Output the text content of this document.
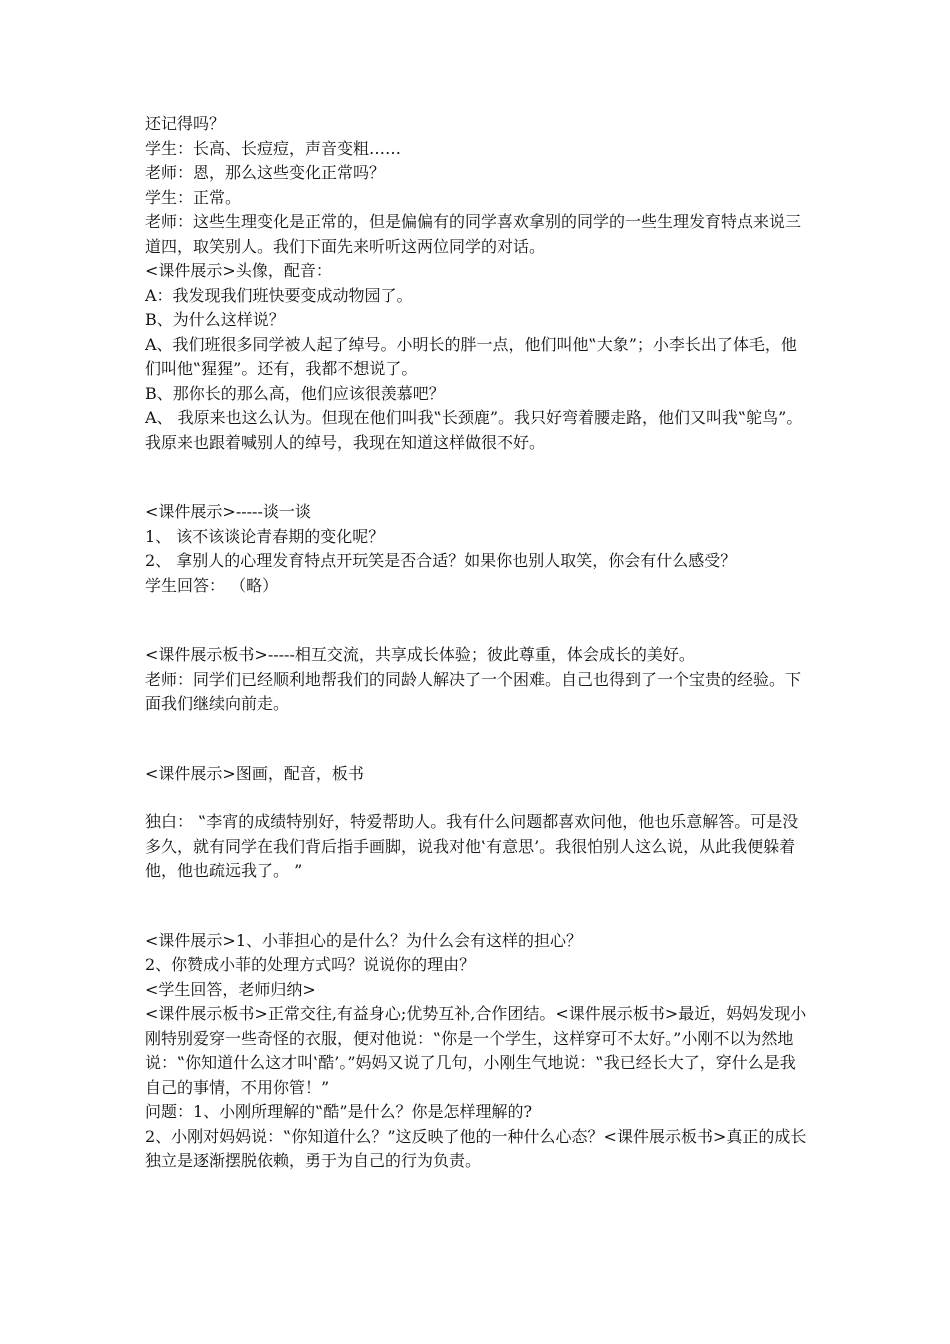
还记得吗？

学生：长高、长痘痘，声音变粗……

老师：恩，那么这些变化正常吗？

学生：正常。

老师：这些生理变化是正常的，但是偏偏有的同学喜欢拿别的同学的一些生理发育特点来说三道四，取笑别人。我们下面先来听听这两位同学的对话。

<课件展示>头像，配音：

A：我发现我们班快要变成动物园了。

B、为什么这样说？

A、我们班很多同学被人起了绰号。小明长的胖一点，他们叫他‟大象”；小李长出了体毛，他们叫他‟猩猩”。还有，我都不想说了。

B、那你长的那么高，他们应该很羡慕吧？

A、 我原来也这么认为。但现在他们叫我‟长颈鹿”。我只好弯着腰走路，他们又叫我‟鸵鸟”。我原来也跟着喊别人的绰号，我现在知道这样做很不好。

<课件展示>-----谈一谈

1、 该不该谈论青春期的变化呢？

2、 拿别人的心理发育特点开玩笑是否合适？如果你也别人取笑，你会有什么感受？

学生回答： （略）

<课件展示板书>-----相互交流，共享成长体验；彼此尊重，体会成长的美好。

老师：同学们已经顺利地帮我们的同龄人解决了一个困难。自己也得到了一个宝贵的经验。下面我们继续向前走。

<课件展示>图画，配音，板书

独白： ‟李宵的成绩特别好，特爱帮助人。我有什么问题都喜欢问他，他也乐意解答。可是没多久，就有同学在我们背后指手画脚，说我对他‛有意思’。我很怕别人这么说，从此我便躲着他，他也疏远我了。 ”

<课件展示>1、小菲担心的是什么？为什么会有这样的担心？

2、你赞成小菲的处理方式吗？说说你的理由？

<学生回答，老师归纳>

<课件展示板书>正常交往,有益身心;优势互补,合作团结。<课件展示板书>最近，妈妈发现小刚特别爱穿一些奇怪的衣服，便对他说：‟你是一个学生，这样穿可不太好。”小刚不以为然地说：‟你知道什么这才叫‛酷’。”妈妈又说了几句，小刚生气地说：‟我已经长大了，穿什么是我自己的事情，不用你管！”

问题：1、小刚所理解的‟酷”是什么？你是怎样理解的?

2、小刚对妈妈说：‟你知道什么？”这反映了他的一种什么心态？<课件展示板书>真正的成长独立是逐渐摆脱依赖，勇于为自己的行为负责。
